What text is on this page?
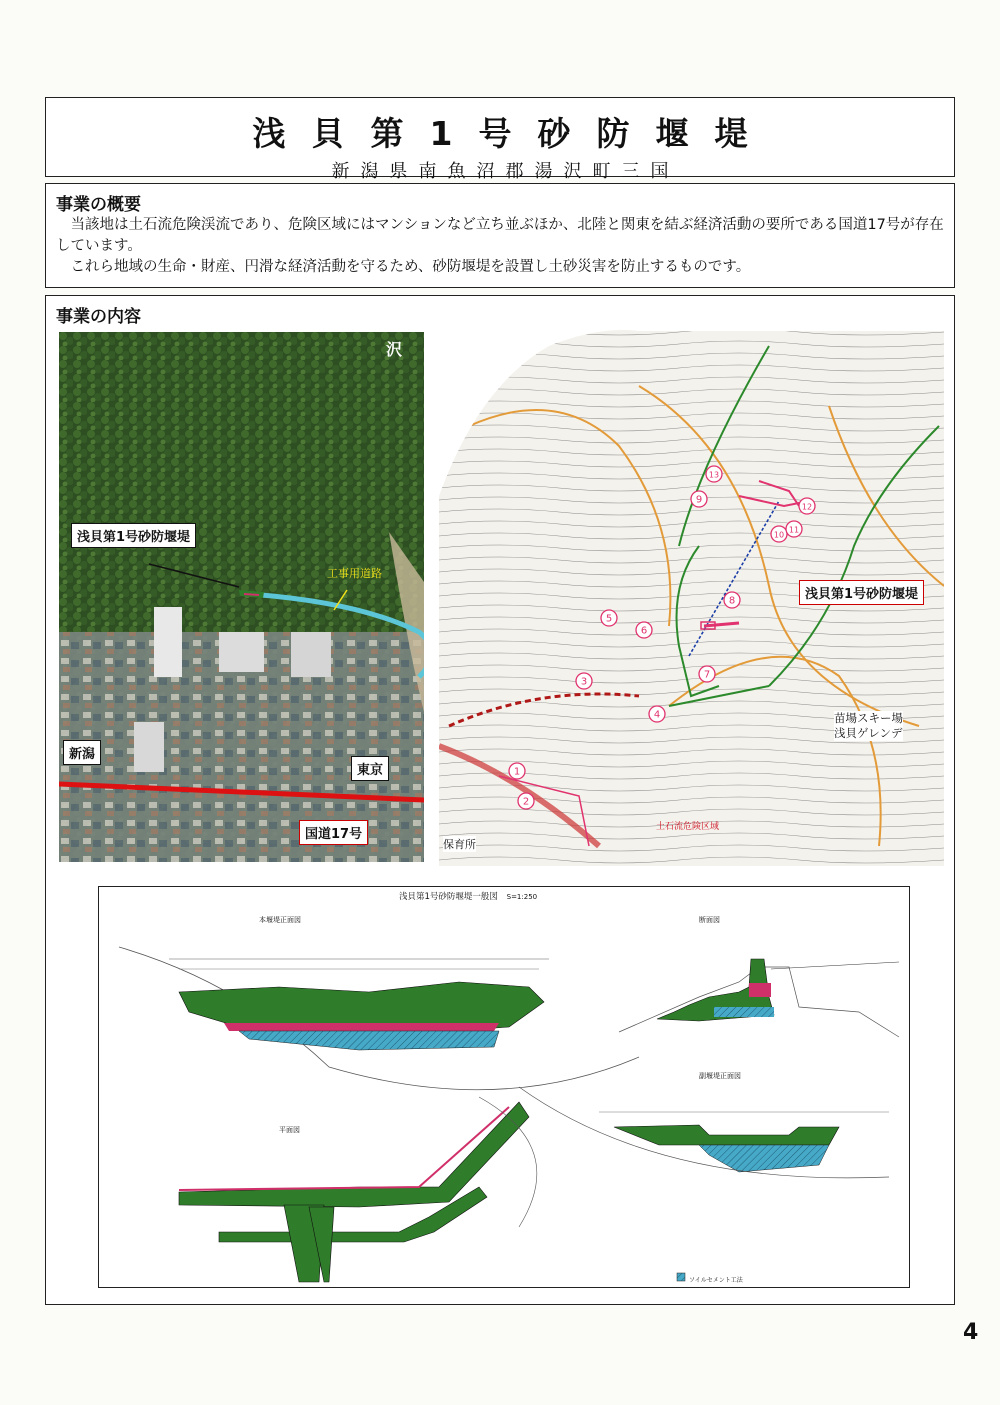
浅貝第1号砂防堰堤
新潟県南魚沼郡湯沢町三国
事業の概要

　当該地は土石流危険渓流であり、危険区域にはマンションなど立ち並ぶほか、北陸と関東を結ぶ経済活動の要所である国道17号が存在しています。

　これら地域の生命・財産、円滑な経済活動を守るため、砂防堰堤を設置し土砂災害を防止するものです。

事業の内容
沢
浅貝第1号砂防堰堤
工事用道路
新潟
東京
国道17号
1
2
3
4
5
6
7
8
9
10
11
12
13
浅貝第1号砂防堰堤
苗場スキー場
浅貝ゲレンデ
土石流危険区域
保育所
浅貝第1号砂防堰堤一般図 S=1:250
本堰堤正面図	断面図
平面図
副堰堤正面図
ソイルセメント工法
4
